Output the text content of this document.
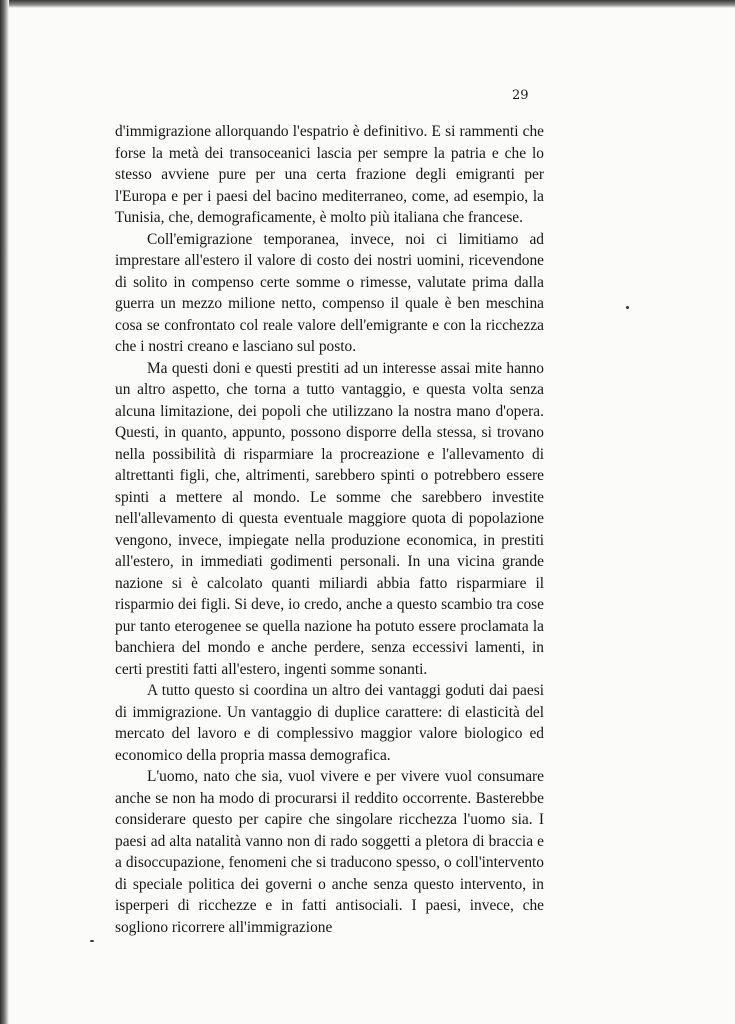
29

d'immigrazione allorquando l'espatrio è definitivo. E si rammenti che forse la metà dei transoceanici lascia per sempre la patria e che lo stesso avviene pure per una certa frazione degli emigranti per l'Europa e per i paesi del bacino mediterraneo, come, ad esempio, la Tunisia, che, demograficamente, è molto più italiana che francese.

Coll'emigrazione temporanea, invece, noi ci limitiamo ad imprestare all'estero il valore di costo dei nostri uomini, ricevendone di solito in compenso certe somme o rimesse, valutate prima dalla guerra un mezzo milione netto, compenso il quale è ben meschina cosa se confrontato col reale valore dell'emigrante e con la ricchezza che i nostri creano e lasciano sul posto.

Ma questi doni e questi prestiti ad un interesse assai mite hanno un altro aspetto, che torna a tutto vantaggio, e questa volta senza alcuna limitazione, dei popoli che utilizzano la nostra mano d'opera. Questi, in quanto, appunto, possono disporre della stessa, si trovano nella possibilità di risparmiare la procreazione e l'allevamento di altrettanti figli, che, altrimenti, sarebbero spinti o potrebbero essere spinti a mettere al mondo. Le somme che sarebbero investite nell'allevamento di questa eventuale maggiore quota di popolazione vengono, invece, impiegate nella produzione economica, in prestiti all'estero, in immediati godimenti personali. In una vicina grande nazione si è calcolato quanti miliardi abbia fatto risparmiare il risparmio dei figli. Si deve, io credo, anche a questo scambio tra cose pur tanto eterogenee se quella nazione ha potuto essere proclamata la banchiera del mondo e anche perdere, senza eccessivi lamenti, in certi prestiti fatti all'estero, ingenti somme sonanti.

A tutto questo si coordina un altro dei vantaggi goduti dai paesi di immigrazione. Un vantaggio di duplice carattere: di elasticità del mercato del lavoro e di complessivo maggior valore biologico ed economico della propria massa demografica.

L'uomo, nato che sia, vuol vivere e per vivere vuol consumare anche se non ha modo di procurarsi il reddito occorrente. Basterebbe considerare questo per capire che singolare ricchezza l'uomo sia. I paesi ad alta natalità vanno non di rado soggetti a pletora di braccia e a disoccupazione, fenomeni che si traducono spesso, o coll'intervento di speciale politica dei governi o anche senza questo intervento, in isperperi di ricchezze e in fatti antisociali. I paesi, invece, che sogliono ricorrere all'immigrazione
